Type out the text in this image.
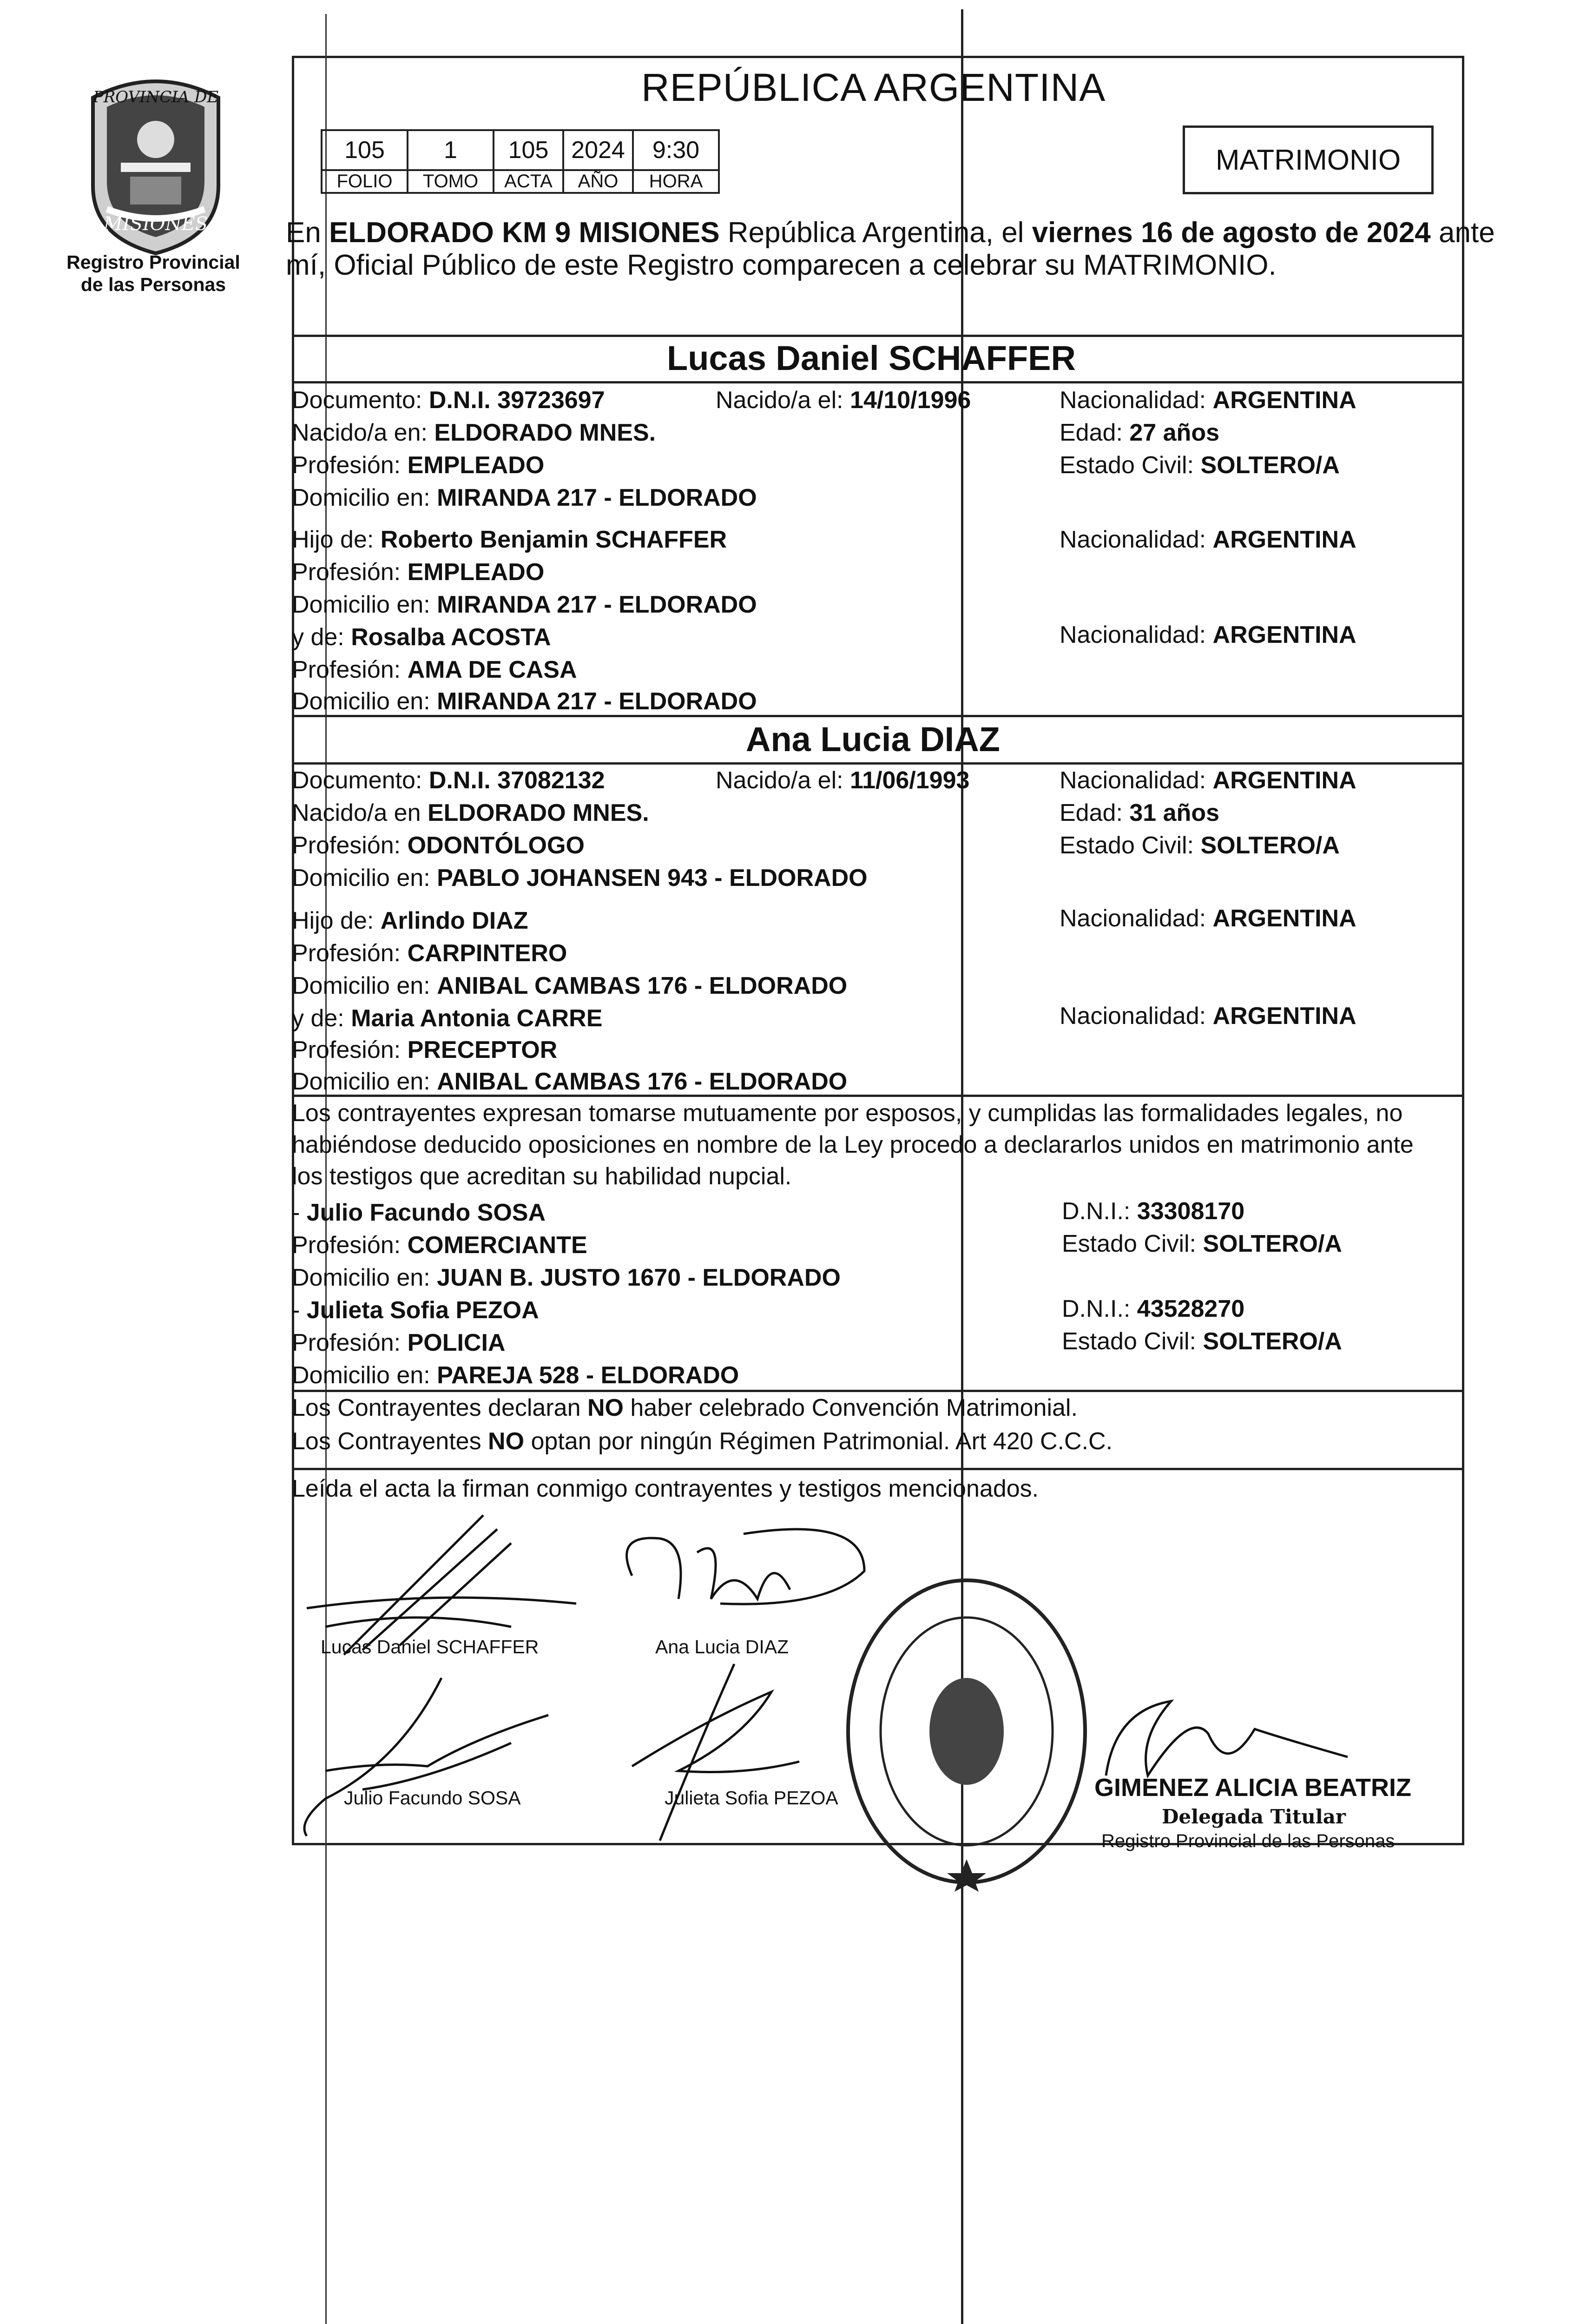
PROVINCIA DE
MISIONES
Registro Provincial
de las Personas
REPÚBLICA ARGENTINA
105	1	105	2024	9:30
FOLIO	TOMO	ACTA	AÑO	HORA
MATRIMONIO
En ELDORADO KM 9 MISIONES República Argentina, el viernes 16 de agosto de 2024 ante
mí, Oficial Público de este Registro comparecen a celebrar su MATRIMONIO.
Lucas Daniel SCHAFFER
Documento: D.N.I. 39723697	Nacido/a el: 14/10/1996	Nacionalidad: ARGENTINA
Nacido/a en: ELDORADO MNES.	Edad: 27 años
Profesión: EMPLEADO	Estado Civil: SOLTERO/A
Domicilio en: MIRANDA 217 - ELDORADO
Hijo de: Roberto Benjamin SCHAFFER	Nacionalidad: ARGENTINA
Profesión: EMPLEADO
Domicilio en: MIRANDA 217 - ELDORADO
y de: Rosalba ACOSTA	Nacionalidad: ARGENTINA
Profesión: AMA DE CASA
Domicilio en: MIRANDA 217 - ELDORADO
Ana Lucia DIAZ
Documento: D.N.I. 37082132	Nacido/a el: 11/06/1993	Nacionalidad: ARGENTINA
Nacido/a en ELDORADO MNES.	Edad: 31 años
Profesión: ODONTÓLOGO	Estado Civil: SOLTERO/A
Domicilio en: PABLO JOHANSEN 943 - ELDORADO
Hijo de: Arlindo DIAZ	Nacionalidad: ARGENTINA
Profesión: CARPINTERO
Domicilio en: ANIBAL CAMBAS 176 - ELDORADO
y de: Maria Antonia CARRE	Nacionalidad: ARGENTINA
Profesión: PRECEPTOR
Domicilio en: ANIBAL CAMBAS 176 - ELDORADO
Los contrayentes expresan tomarse mutuamente por esposos, y cumplidas las formalidades legales, no
habiéndose deducido oposiciones en nombre de la Ley procedo a declararlos unidos en matrimonio ante
los testigos que acreditan su habilidad nupcial.
- Julio Facundo SOSA	D.N.I.: 33308170
Profesión: COMERCIANTE	Estado Civil: SOLTERO/A
Domicilio en: JUAN B. JUSTO 1670 - ELDORADO
- Julieta Sofia PEZOA	D.N.I.: 43528270
Profesión: POLICIA	Estado Civil: SOLTERO/A
Domicilio en: PAREJA 528 - ELDORADO
Los Contrayentes declaran NO haber celebrado Convención Matrimonial.
Los Contrayentes NO optan por ningún Régimen Patrimonial. Art 420 C.C.C.
Leída el acta la firman conmigo contrayentes y testigos mencionados.
Lucas Daniel SCHAFFER	Ana Lucia DIAZ
Julio Facundo SOSA	Julieta Sofia PEZOA	GIMENEZ ALICIA BEATRIZ
Delegada Titular
Registro Provincial de las Personas
